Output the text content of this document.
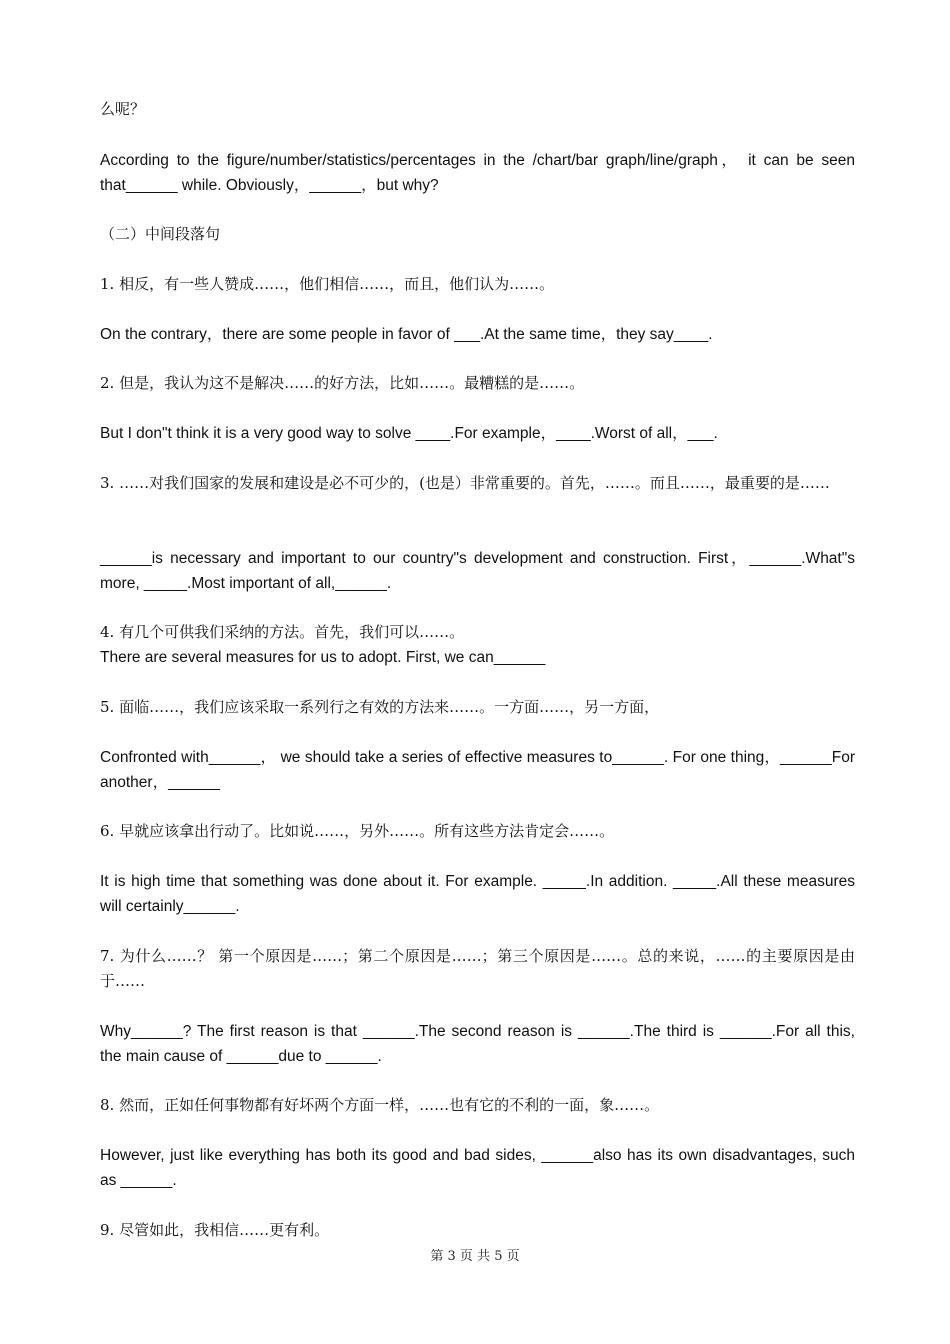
么呢？

According to the figure/number/statistics/percentages in the /chart/bar graph/line/graph， it can be seen that______ while. Obviously，______，but why?

（二）中间段落句

1. 相反，有一些人赞成……，他们相信……，而且，他们认为……。

On the contrary，there are some people in favor of ___.At the same time，they say____.

2. 但是，我认为这不是解决……的好方法，比如……。最糟糕的是……。

But I don"t think it is a very good way to solve ____.For example，____.Worst of all，___.

3. ……对我们国家的发展和建设是必不可少的，(也是）非常重要的。首先，……。而且……，最重要的是……

______is necessary and important to our country"s development and construction. First，______.What"s more, _____.Most important of all,______.

4. 有几个可供我们采纳的方法。首先，我们可以……。

There are several measures for us to adopt. First, we can______

5. 面临……，我们应该采取一系列行之有效的方法来……。一方面……，另一方面，

Confronted with______， we should take a series of effective measures to______. For one thing，______For another，______

6. 早就应该拿出行动了。比如说……，另外……。所有这些方法肯定会……。

It is high time that something was done about it. For example. _____.In addition. _____.All these measures will certainly______.

7. 为什么……？ 第一个原因是……；第二个原因是……；第三个原因是……。总的来说，……的主要原因是由于……

Why______? The first reason is that ______.The second reason is ______.The third is ______.For all this, the main cause of ______due to ______.

8. 然而，正如任何事物都有好坏两个方面一样，……也有它的不利的一面，象……。

However, just like everything has both its good and bad sides, ______also has its own disadvantages, such as ______.

9. 尽管如此，我相信……更有利。

第 3 页 共 5 页
